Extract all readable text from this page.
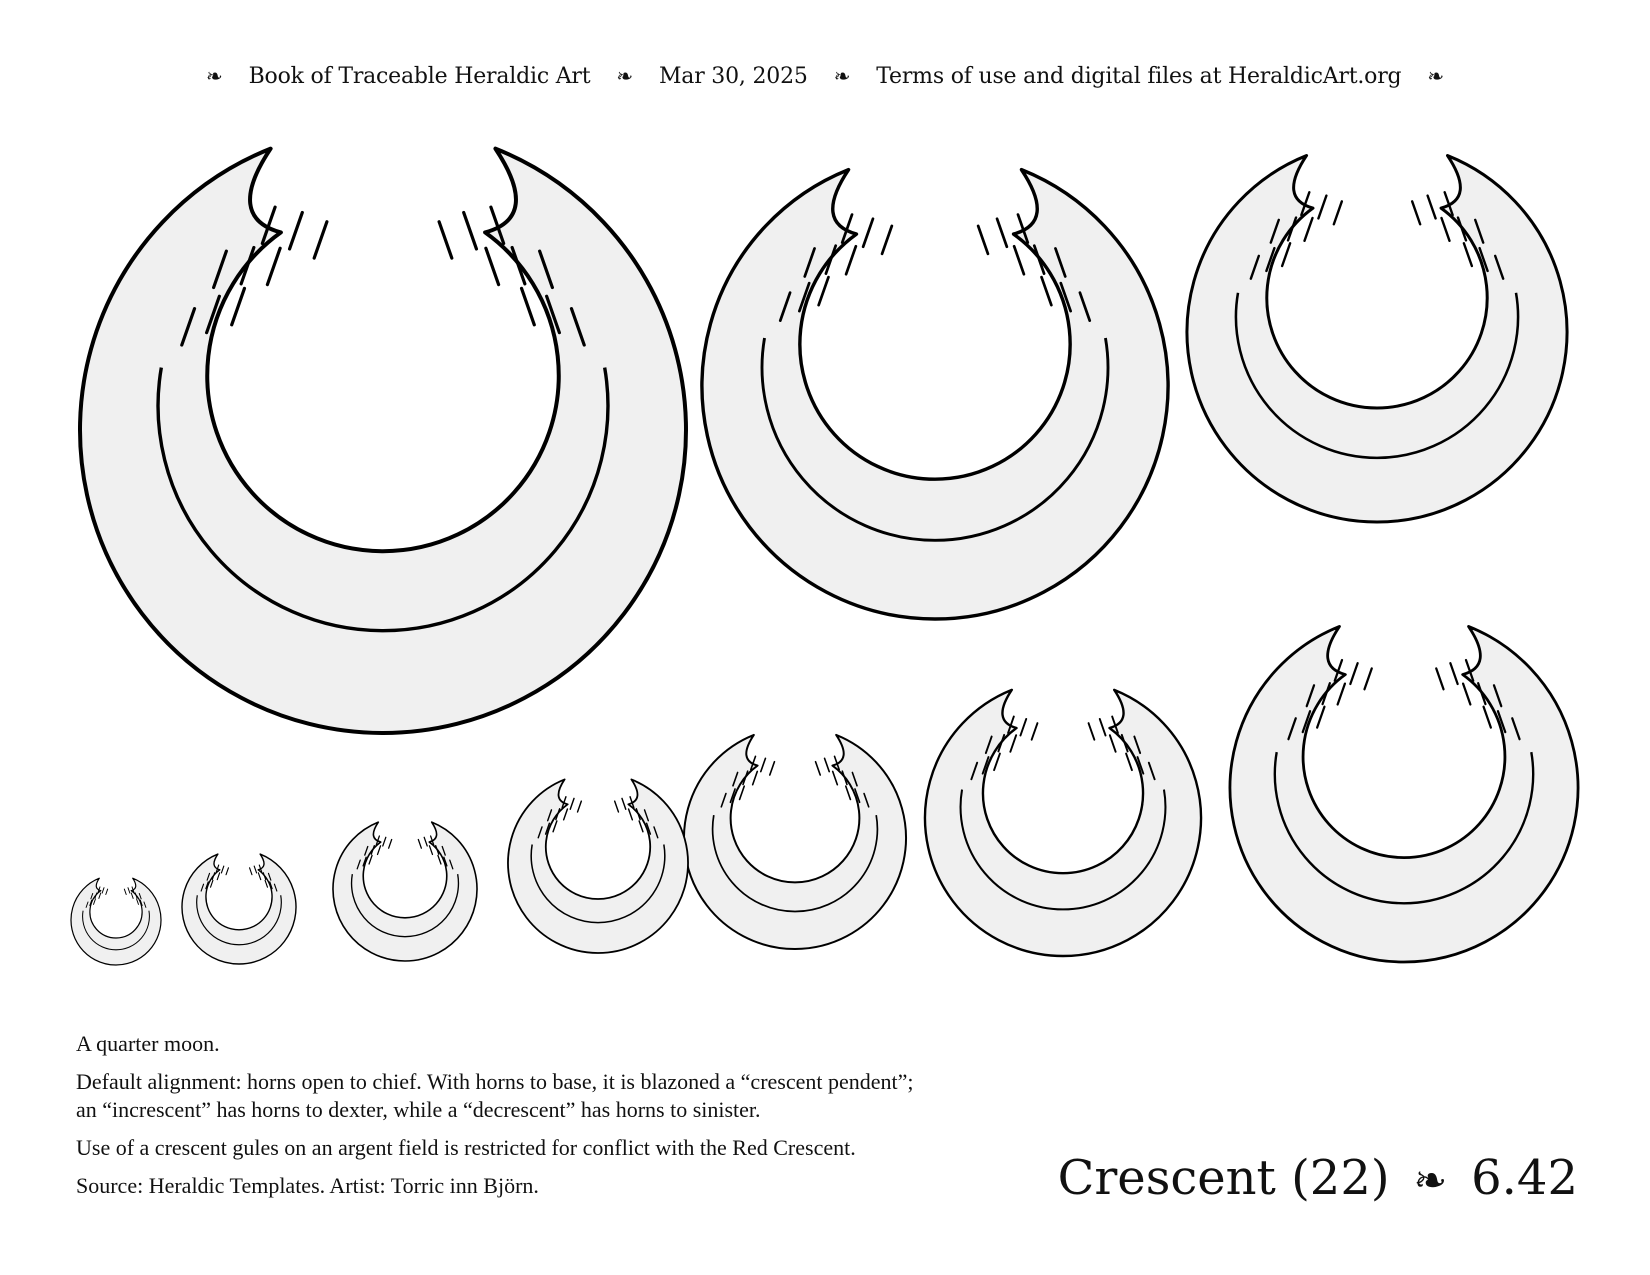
❧ Book of Traceable Heraldic Art ❧ Mar 30, 2025 ❧ Terms of use and digital files at HeraldicArt.org ❧

A quarter moon.

Default alignment: horns open to chief. With horns to base, it is blazoned a “crescent pendent”;
an “increscent” has horns to dexter, while a “decrescent” has horns to sinister.

Use of a crescent gules on an argent field is restricted for conflict with the Red Crescent.

Source: Heraldic Templates. Artist: Torric inn Björn.	Crescent (22) ❧ 6.42
